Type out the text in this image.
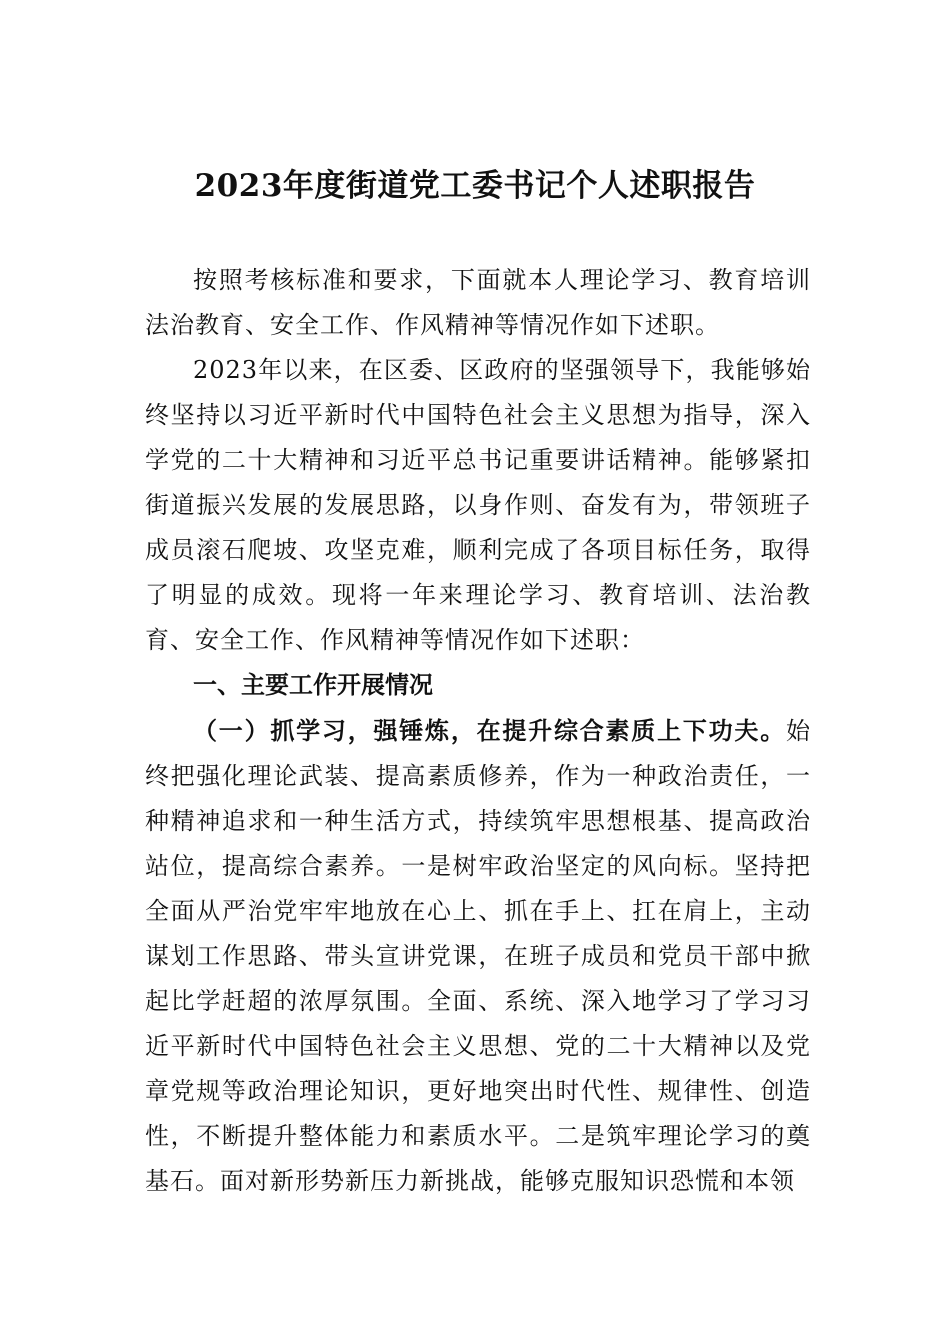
2023年度街道党工委书记个人述职报告

按照考核标准和要求，下面就本人理论学习、教育培训法治教育、安全工作、作风精神等情况作如下述职。

2023年以来，在区委、区政府的坚强领导下，我能够始终坚持以习近平新时代中国特色社会主义思想为指导，深入学党的二十大精神和习近平总书记重要讲话精神。能够紧扣街道振兴发展的发展思路，以身作则、奋发有为，带领班子成员滚石爬坡、攻坚克难，顺利完成了各项目标任务，取得了明显的成效。现将一年来理论学习、教育培训、法治教育、安全工作、作风精神等情况作如下述职：

一、主要工作开展情况

（一）抓学习，强锤炼，在提升综合素质上下功夫。始终把强化理论武装、提高素质修养，作为一种政治责任，一种精神追求和一种生活方式，持续筑牢思想根基、提高政治站位，提高综合素养。一是树牢政治坚定的风向标。坚持把全面从严治党牢牢地放在心上、抓在手上、扛在肩上，主动谋划工作思路、带头宣讲党课，在班子成员和党员干部中掀起比学赶超的浓厚氛围。全面、系统、深入地学习了学习习近平新时代中国特色社会主义思想、党的二十大精神以及党章党规等政治理论知识，更好地突出时代性、规律性、创造性，不断提升整体能力和素质水平。二是筑牢理论学习的奠基石。面对新形势新压力新挑战，能够克服知识恐慌和本领
